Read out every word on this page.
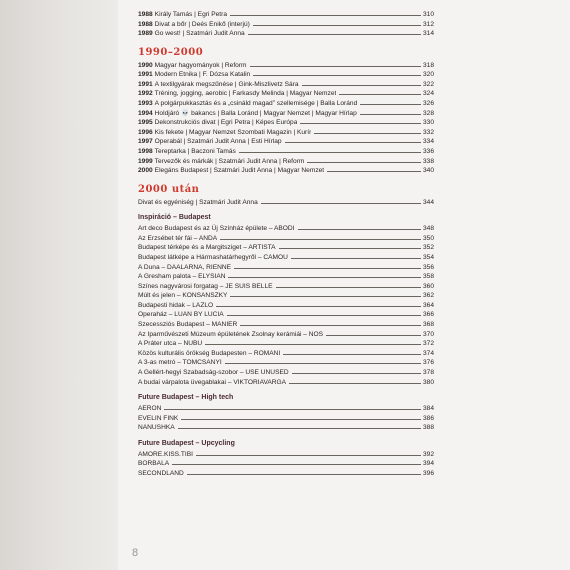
1988 Király Tamás | Egri Petra	310
1988 Divat a bőr | Deés Enikő (interjú)	312
1989 Go west! | Szatmári Judit Anna	314
1990–2000
1990 Magyar hagyományok | Reform	318
1991 Modern Etnika | F. Dózsa Katalin	320
1991 A textilgyárak megszűnése | Gink-Miszlivetz Sára	322
1992 Tréning, jogging, aerobic | Farkasdy Melinda | Magyar Nemzet	324
1993 A polgárpukkasztás és a „csináld magad” szellemisége | Balla Loránd	326
1994 Holdjáró 💀 bakancs | Balla Loránd | Magyar Nemzet | Magyar Hírlap	328
1995 Dekonstrukciós divat | Egri Petra | Képes Európa	330
1996 Kis fekete | Magyar Nemzet Szombati Magazin | Kurír	332
1997 Operabál | Szatmári Judit Anna | Esti Hírlap	334
1998 Tereptarka | Baczoni Tamás	336
1999 Tervezők és márkák | Szatmári Judit Anna | Reform	338
2000 Elegáns Budapest | Szatmári Judit Anna | Magyar Nemzet	340
2000 után
Divat és egyéniség | Szatmári Judit Anna	344
Inspiráció – Budapest
Art deco Budapest és az Új Színház épülete – ABODI	348
Az Erzsébet tér fái – ANDA	350
Budapest térképe és a Margitsziget – ARTISTA	352
Budapest látképe a Hármashatárhegyről – CAMOU	354
A Duna – DAALARNA, RIENNE	356
A Gresham palota – ELYSIAN	358
Színes nagyvárosi forgatag – JE SUIS BELLE	360
Múlt és jelen – KONSANSZKY	362
Budapesti hidak – LAZLO	364
Operaház – LUAN BY LUCIA	366
Szecessziós Budapest – MANIER	368
Az Iparművészeti Múzeum épületének Zsolnay kerámiái – NOS	370
A Práter utca – NUBU	372
Közös kulturális örökség Budapesten – ROMANI	374
A 3-as metró – TOMCSANYI	376
A Gellért-hegyi Szabadság-szobor – USE UNUSED	378
A budai várpalota üvegablakai – VIKTORIAVARGA	380
Future Budapest – High tech
AERON	384
EVELIN FINK	386
NANUSHKA	388
Future Budapest – Upcycling
AMORE.KISS.TIBI	392
BORBALA	394
SECONDLAND	396
8
